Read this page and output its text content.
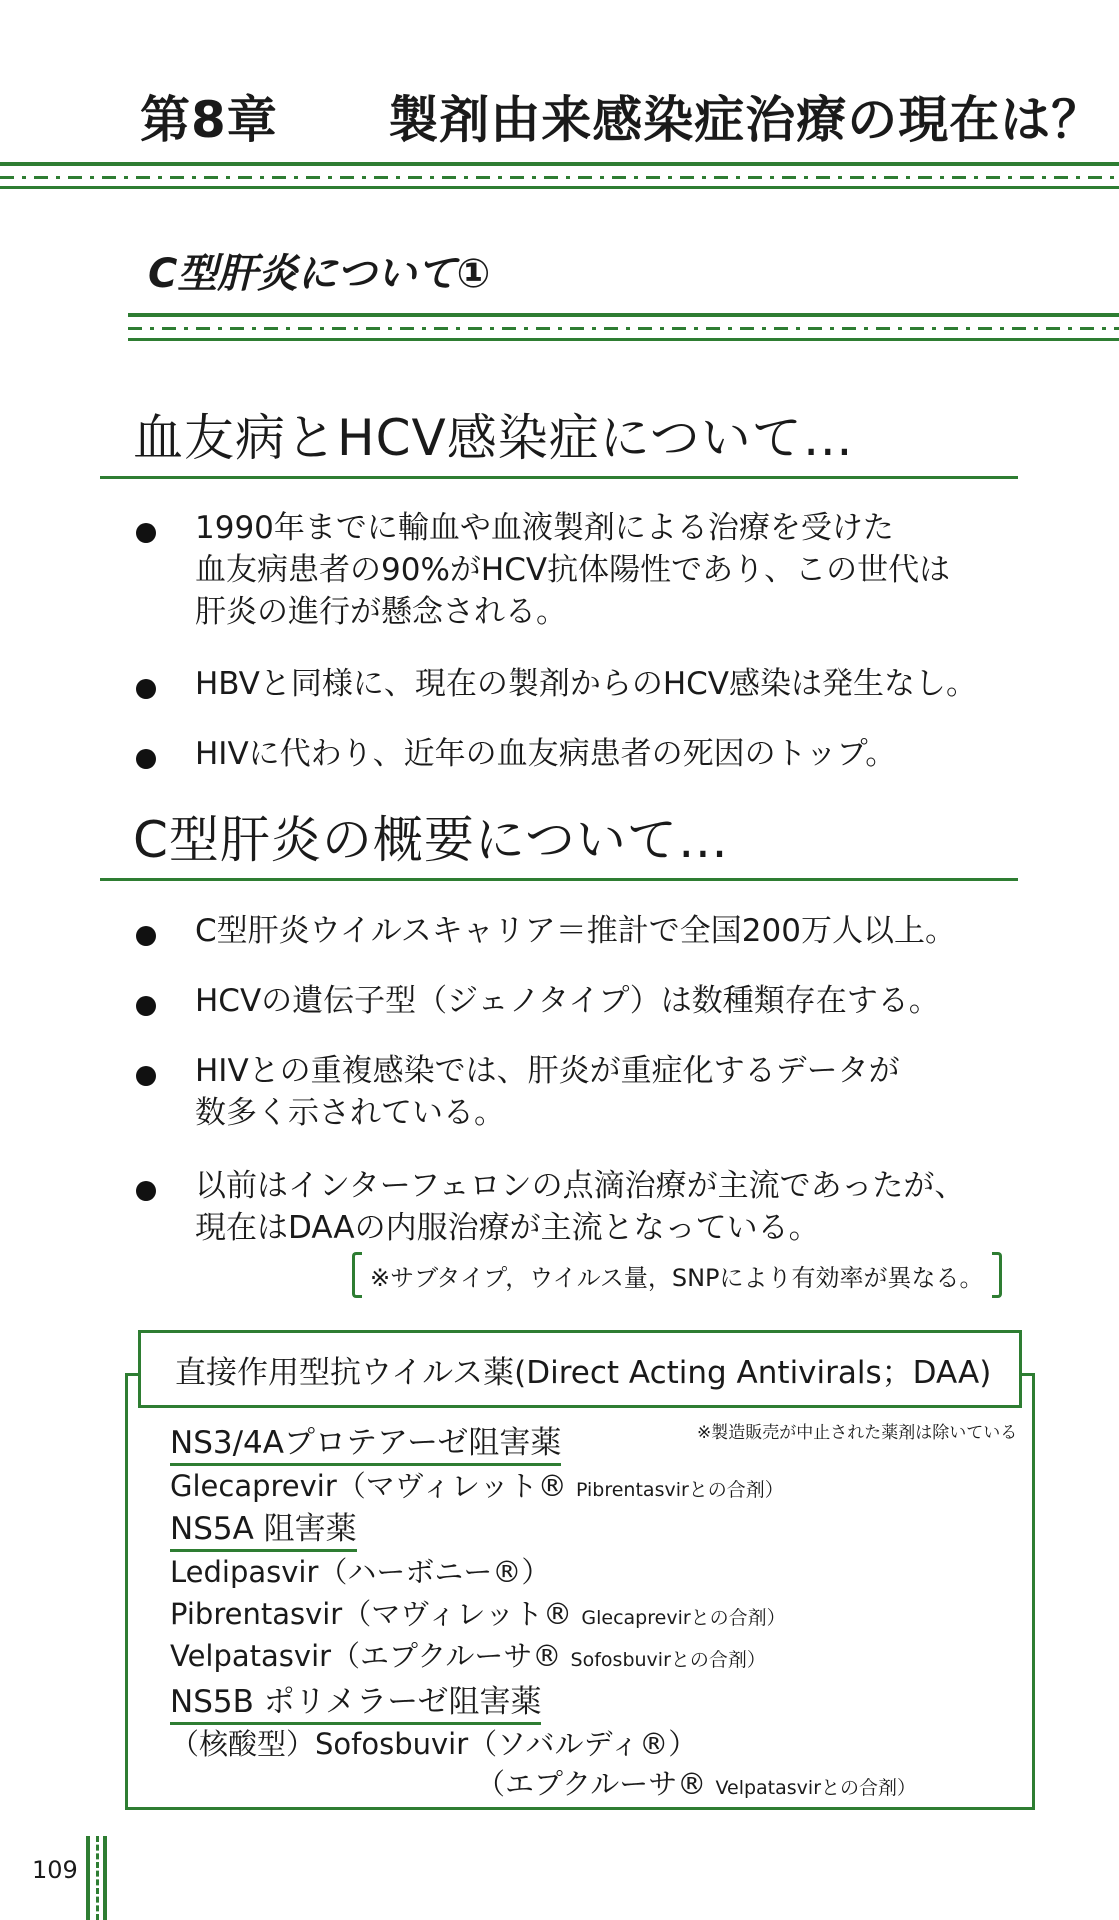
第8章 製剤由来感染症治療の現在は？
C型肝炎について①
血友病とHCV感染症について…
1990年までに輸血や血液製剤による治療を受けた
血友病患者の90%がHCV抗体陽性であり、この世代は
肝炎の進行が懸念される。
HBVと同様に、現在の製剤からのHCV感染は発生なし。
HIVに代わり、近年の血友病患者の死因のトップ。
C型肝炎の概要について…
C型肝炎ウイルスキャリア＝推計で全国200万人以上。
HCVの遺伝子型（ジェノタイプ）は数種類存在する。
HIVとの重複感染では、肝炎が重症化するデータが
数多く示されている。
以前はインターフェロンの点滴治療が主流であったが、
現在はDAAの内服治療が主流となっている。
※サブタイプ，ウイルス量，SNPにより有効率が異なる。
直接作用型抗ウイルス薬(Direct Acting Antivirals；DAA)
※製造販売が中止された薬剤は除いている
NS3/4Aプロテアーゼ阻害薬
Glecaprevir（マヴィレット® Pibrentasvirとの合剤）
NS5A 阻害薬
Ledipasvir（ハーボニー®）
Pibrentasvir（マヴィレット® Glecaprevirとの合剤）
Velpatasvir（エプクルーサ® Sofosbuvirとの合剤）
NS5B ポリメラーゼ阻害薬
（核酸型）Sofosbuvir（ソバルディ®）
（エプクルーサ® Velpatasvirとの合剤）
109
